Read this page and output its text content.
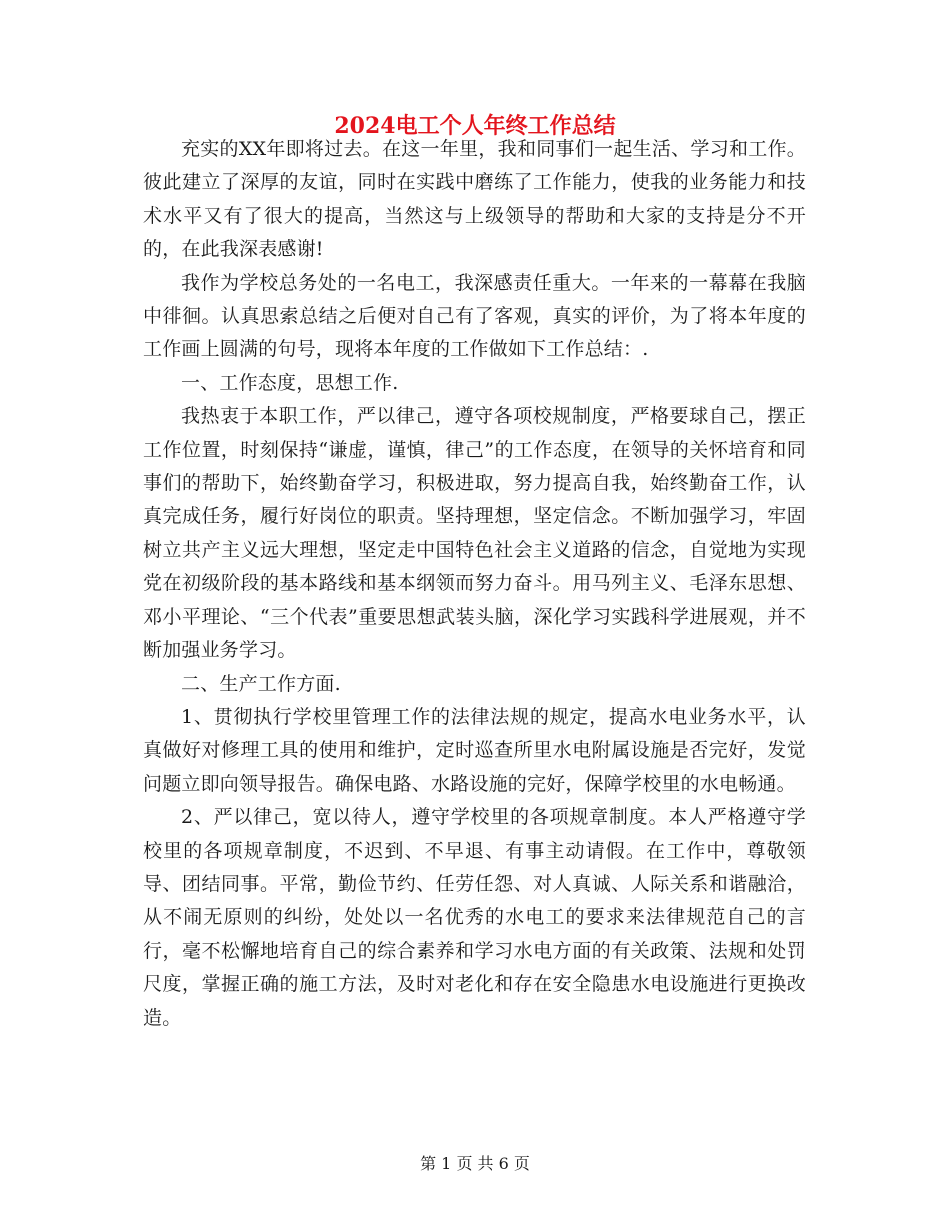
2024电工个人年终工作总结

充实的XX年即将过去。在这一年里，我和同事们一起生活、学习和工作。彼此建立了深厚的友谊，同时在实践中磨练了工作能力，使我的业务能力和技术水平又有了很大的提高，当然这与上级领导的帮助和大家的支持是分不开的，在此我深表感谢!

我作为学校总务处的一名电工，我深感责任重大。一年来的一幕幕在我脑中徘徊。认真思索总结之后便对自己有了客观，真实的评价，为了将本年度的工作画上圆满的句号，现将本年度的工作做如下工作总结：.

一、工作态度，思想工作.

我热衷于本职工作，严以律己，遵守各项校规制度，严格要球自己，摆正工作位置，时刻保持“谦虚，谨慎，律己”的工作态度，在领导的关怀培育和同事们的帮助下，始终勤奋学习，积极进取，努力提高自我，始终勤奋工作，认真完成任务，履行好岗位的职责。坚持理想，坚定信念。不断加强学习，牢固树立共产主义远大理想，坚定走中国特色社会主义道路的信念，自觉地为实现党在初级阶段的基本路线和基本纲领而努力奋斗。用马列主义、毛泽东思想、邓小平理论、“三个代表”重要思想武装头脑，深化学习实践科学进展观，并不断加强业务学习。

二、生产工作方面.

1、贯彻执行学校里管理工作的法律法规的规定，提高水电业务水平，认真做好对修理工具的使用和维护，定时巡查所里水电附属设施是否完好，发觉问题立即向领导报告。确保电路、水路设施的完好，保障学校里的水电畅通。

2、严以律己，宽以待人，遵守学校里的各项规章制度。本人严格遵守学校里的各项规章制度，不迟到、不早退、有事主动请假。在工作中，尊敬领导、团结同事。平常，勤俭节约、任劳任怨、对人真诚、人际关系和谐融洽，从不闹无原则的纠纷，处处以一名优秀的水电工的要求来法律规范自己的言行，毫不松懈地培育自己的综合素养和学习水电方面的有关政策、法规和处罚尺度，掌握正确的施工方法，及时对老化和存在安全隐患水电设施进行更换改造。

第 1 页 共 6 页
